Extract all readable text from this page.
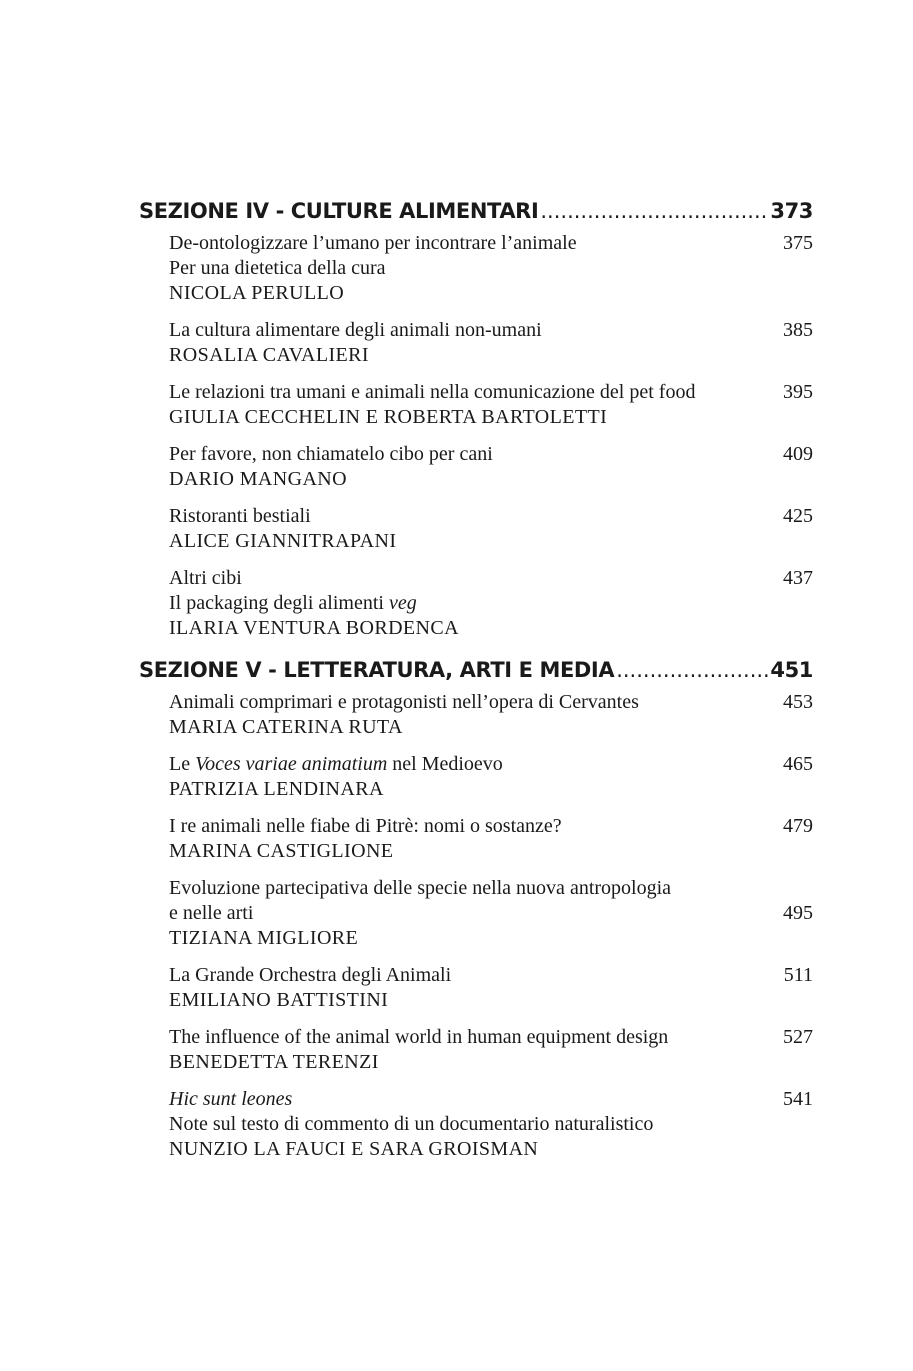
SEZIONE IV - CULTURE ALIMENTARI .....	373
De-ontologizzare l’umano per incontrare l’animale
Per una dietetica della cura
NICOLA PERULLO
375
La cultura alimentare degli animali non-umani
ROSALIA CAVALIERI
385
Le relazioni tra umani e animali nella comunicazione del pet food
GIULIA CECCHELIN E ROBERTA BARTOLETTI
395
Per favore, non chiamatelo cibo per cani
DARIO MANGANO
409
Ristoranti bestiali
ALICE GIANNITRAPANI
425
Altri cibi
Il packaging degli alimenti veg
ILARIA VENTURA BORDENCA
437
SEZIONE V - LETTERATURA, ARTI E MEDIA .....	451
Animali comprimari e protagonisti nell’opera di Cervantes
MARIA CATERINA RUTA
453
Le Voces variae animatium nel Medioevo
PATRIZIA LENDINARA
465
I re animali nelle fiabe di Pitrè: nomi o sostanze?
MARINA CASTIGLIONE
479
Evoluzione partecipativa delle specie nella nuova antropologia
e nelle arti
TIZIANA MIGLIORE
495
La Grande Orchestra degli Animali
EMILIANO BATTISTINI
511
The influence of the animal world in human equipment design
BENEDETTA TERENZI
527
Hic sunt leones
Note sul testo di commento di un documentario naturalistico
NUNZIO LA FAUCI E SARA GROISMAN
541
